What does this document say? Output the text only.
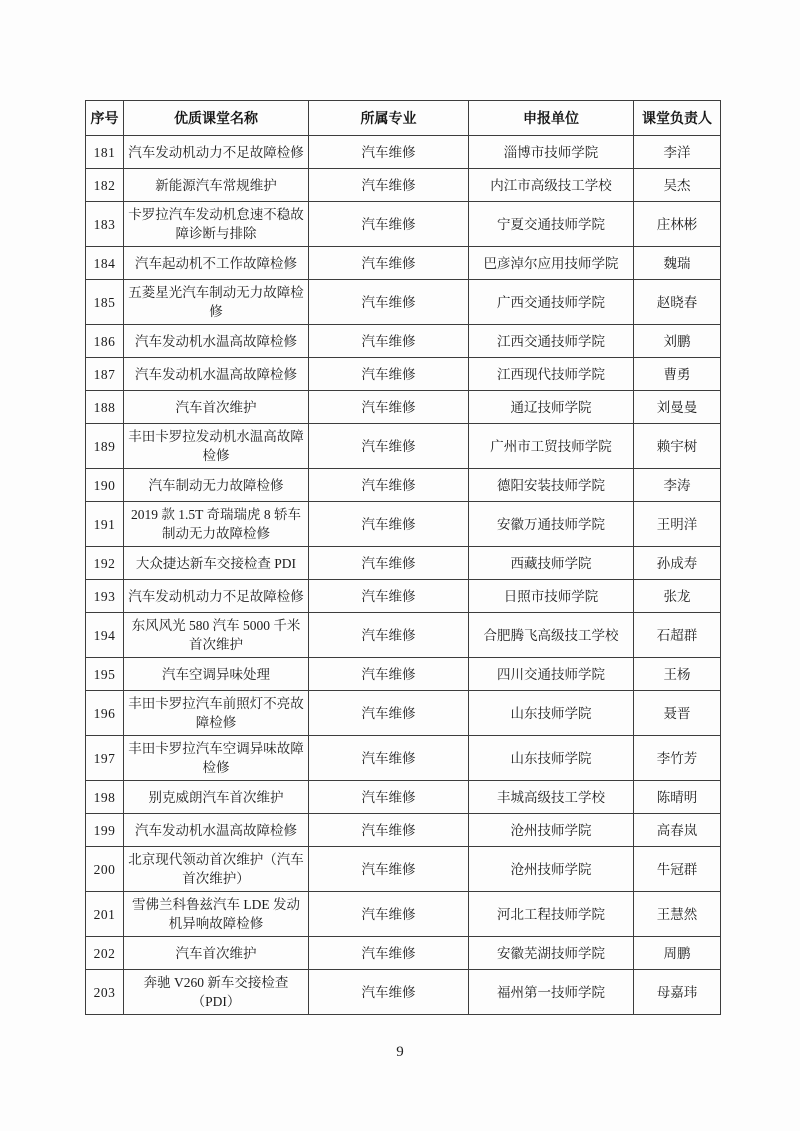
序号	优质课堂名称	所属专业	申报单位	课堂负责人
181	汽车发动机动力不足故障检修	汽车维修	淄博市技师学院	李洋
182	新能源汽车常规维护	汽车维修	内江市高级技工学校	吴杰
183	卡罗拉汽车发动机怠速不稳故障诊断与排除	汽车维修	宁夏交通技师学院	庄林彬
184	汽车起动机不工作故障检修	汽车维修	巴彦淖尔应用技师学院	魏瑞
185	五菱星光汽车制动无力故障检修	汽车维修	广西交通技师学院	赵晓春
186	汽车发动机水温高故障检修	汽车维修	江西交通技师学院	刘鹏
187	汽车发动机水温高故障检修	汽车维修	江西现代技师学院	曹勇
188	汽车首次维护	汽车维修	通辽技师学院	刘曼曼
189	丰田卡罗拉发动机水温高故障检修	汽车维修	广州市工贸技师学院	赖宇树
190	汽车制动无力故障检修	汽车维修	德阳安装技师学院	李涛
191	2019 款 1.5T 奇瑞瑞虎 8 轿车制动无力故障检修	汽车维修	安徽万通技师学院	王明洋
192	大众捷达新车交接检查 PDI	汽车维修	西藏技师学院	孙成寿
193	汽车发动机动力不足故障检修	汽车维修	日照市技师学院	张龙
194	东风风光 580 汽车 5000 千米首次维护	汽车维修	合肥腾飞高级技工学校	石超群
195	汽车空调异味处理	汽车维修	四川交通技师学院	王杨
196	丰田卡罗拉汽车前照灯不亮故障检修	汽车维修	山东技师学院	聂晋
197	丰田卡罗拉汽车空调异味故障检修	汽车维修	山东技师学院	李竹芳
198	别克威朗汽车首次维护	汽车维修	丰城高级技工学校	陈晴明
199	汽车发动机水温高故障检修	汽车维修	沧州技师学院	高春岚
200	北京现代领动首次维护（汽车首次维护）	汽车维修	沧州技师学院	牛冠群
201	雪佛兰科鲁兹汽车 LDE 发动机异响故障检修	汽车维修	河北工程技师学院	王慧然
202	汽车首次维护	汽车维修	安徽芜湖技师学院	周鹏
203	奔驰 V260 新车交接检查（PDI）	汽车维修	福州第一技师学院	母嘉玮
9
